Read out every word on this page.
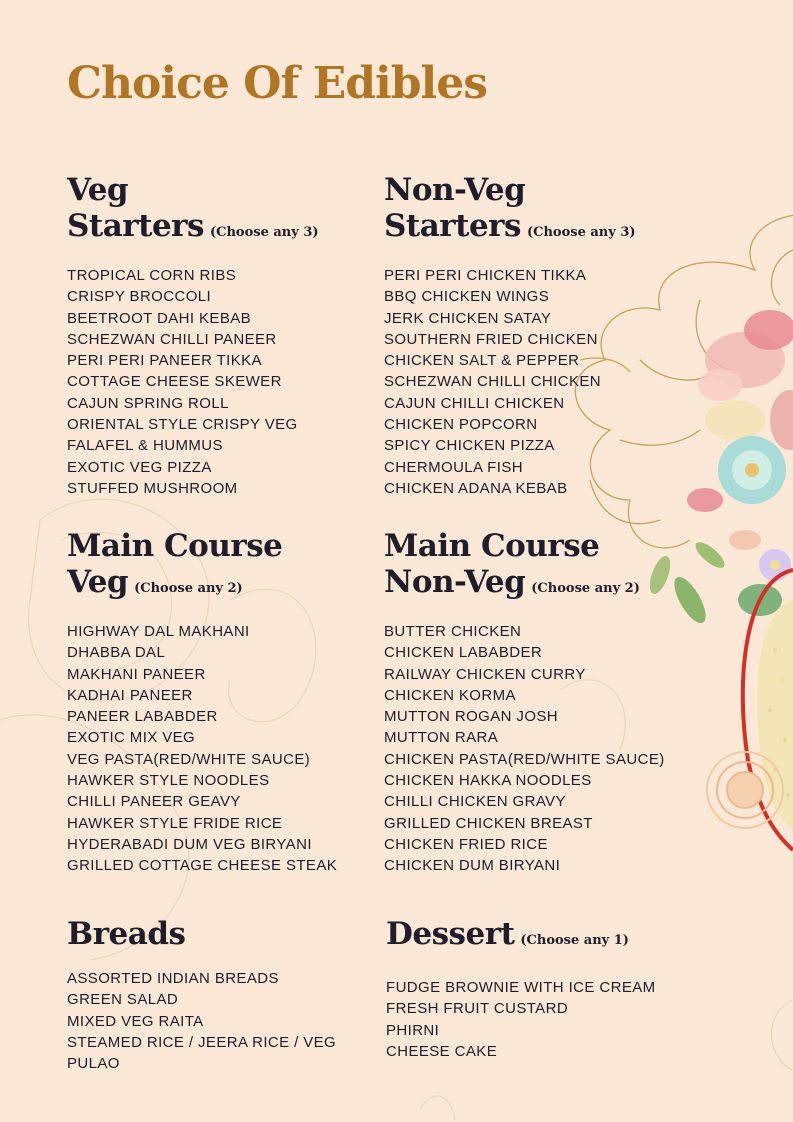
Choice Of Edibles
Veg
Starters (Choose any 3)
TROPICAL CORN RIBS
CRISPY BROCCOLI
BEETROOT DAHI KEBAB
SCHEZWAN CHILLI PANEER
PERI PERI PANEER TIKKA
COTTAGE CHEESE SKEWER
CAJUN SPRING ROLL
ORIENTAL STYLE CRISPY VEG
FALAFEL & HUMMUS
EXOTIC VEG PIZZA
STUFFED MUSHROOM
Non-Veg
Starters (Choose any 3)
PERI PERI CHICKEN TIKKA
BBQ CHICKEN WINGS
JERK CHICKEN SATAY
SOUTHERN FRIED CHICKEN
CHICKEN SALT & PEPPER
SCHEZWAN CHILLI CHICKEN
CAJUN CHILLI CHICKEN
CHICKEN POPCORN
SPICY CHICKEN PIZZA
CHERMOULA FISH
CHICKEN ADANA KEBAB
Main Course
Veg (Choose any 2)
HIGHWAY DAL MAKHANI
DHABBA DAL
MAKHANI PANEER
KADHAI PANEER
PANEER LABABDER
EXOTIC MIX VEG
VEG PASTA(RED/WHITE SAUCE)
HAWKER STYLE NOODLES
CHILLI PANEER GEAVY
HAWKER STYLE FRIDE RICE
HYDERABADI DUM VEG BIRYANI
GRILLED COTTAGE CHEESE STEAK
Main Course
Non-Veg (Choose any 2)
BUTTER CHICKEN
CHICKEN LABABDER
RAILWAY CHICKEN CURRY
CHICKEN KORMA
MUTTON ROGAN JOSH
MUTTON RARA
CHICKEN PASTA(RED/WHITE SAUCE)
CHICKEN HAKKA NOODLES
CHILLI CHICKEN GRAVY
GRILLED CHICKEN BREAST
CHICKEN FRIED RICE
CHICKEN DUM BIRYANI
Breads
ASSORTED INDIAN BREADS
GREEN SALAD
MIXED VEG RAITA
STEAMED RICE / JEERA RICE / VEG PULAO
Dessert (Choose any 1)
FUDGE BROWNIE WITH ICE CREAM
FRESH FRUIT CUSTARD
PHIRNI
CHEESE CAKE
